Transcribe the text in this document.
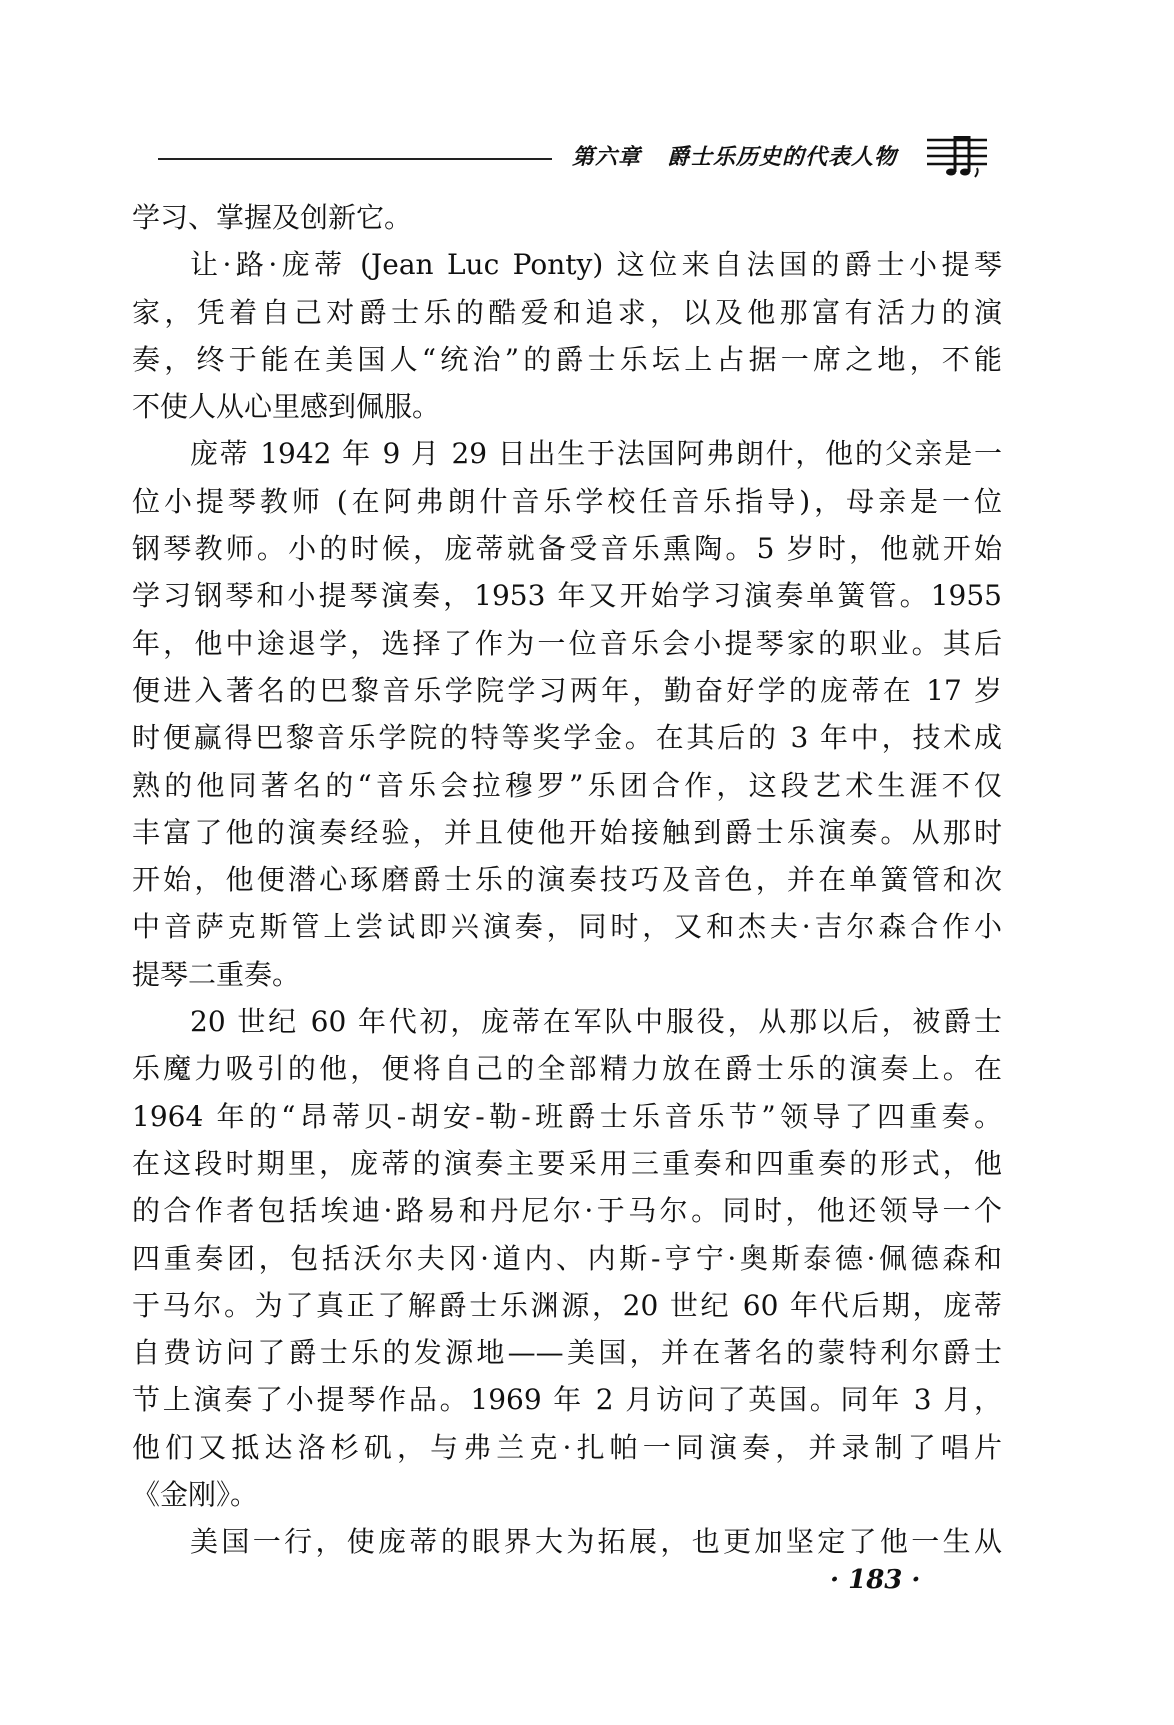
第六章 爵士乐历史的代表人物
学习、掌握及创新它。
让·路·庞蒂 (Jean Luc Ponty) 这位来自法国的爵士小提琴
家，凭着自己对爵士乐的酷爱和追求，以及他那富有活力的演
奏，终于能在美国人“统治”的爵士乐坛上占据一席之地，不能
不使人从心里感到佩服。
庞蒂 1942 年 9 月 29 日出生于法国阿弗朗什，他的父亲是一
位小提琴教师 (在阿弗朗什音乐学校任音乐指导)，母亲是一位
钢琴教师。小的时候，庞蒂就备受音乐熏陶。5 岁时，他就开始
学习钢琴和小提琴演奏，1953 年又开始学习演奏单簧管。1955
年，他中途退学，选择了作为一位音乐会小提琴家的职业。其后
便进入著名的巴黎音乐学院学习两年，勤奋好学的庞蒂在 17 岁
时便赢得巴黎音乐学院的特等奖学金。在其后的 3 年中，技术成
熟的他同著名的“音乐会拉穆罗”乐团合作，这段艺术生涯不仅
丰富了他的演奏经验，并且使他开始接触到爵士乐演奏。从那时
开始，他便潜心琢磨爵士乐的演奏技巧及音色，并在单簧管和次
中音萨克斯管上尝试即兴演奏，同时，又和杰夫·吉尔森合作小
提琴二重奏。
20 世纪 60 年代初，庞蒂在军队中服役，从那以后，被爵士
乐魔力吸引的他，便将自己的全部精力放在爵士乐的演奏上。在
1964 年的“昂蒂贝-胡安-勒-班爵士乐音乐节”领导了四重奏。
在这段时期里，庞蒂的演奏主要采用三重奏和四重奏的形式，他
的合作者包括埃迪·路易和丹尼尔·于马尔。同时，他还领导一个
四重奏团，包括沃尔夫冈·道内、内斯-亨宁·奥斯泰德·佩德森和
于马尔。为了真正了解爵士乐渊源，20 世纪 60 年代后期，庞蒂
自费访问了爵士乐的发源地——美国，并在著名的蒙特利尔爵士
节上演奏了小提琴作品。1969 年 2 月访问了英国。同年 3 月，
他们又抵达洛杉矶，与弗兰克·扎帕一同演奏，并录制了唱片
《金刚》。
美国一行，使庞蒂的眼界大为拓展，也更加坚定了他一生从
· 183 ·
